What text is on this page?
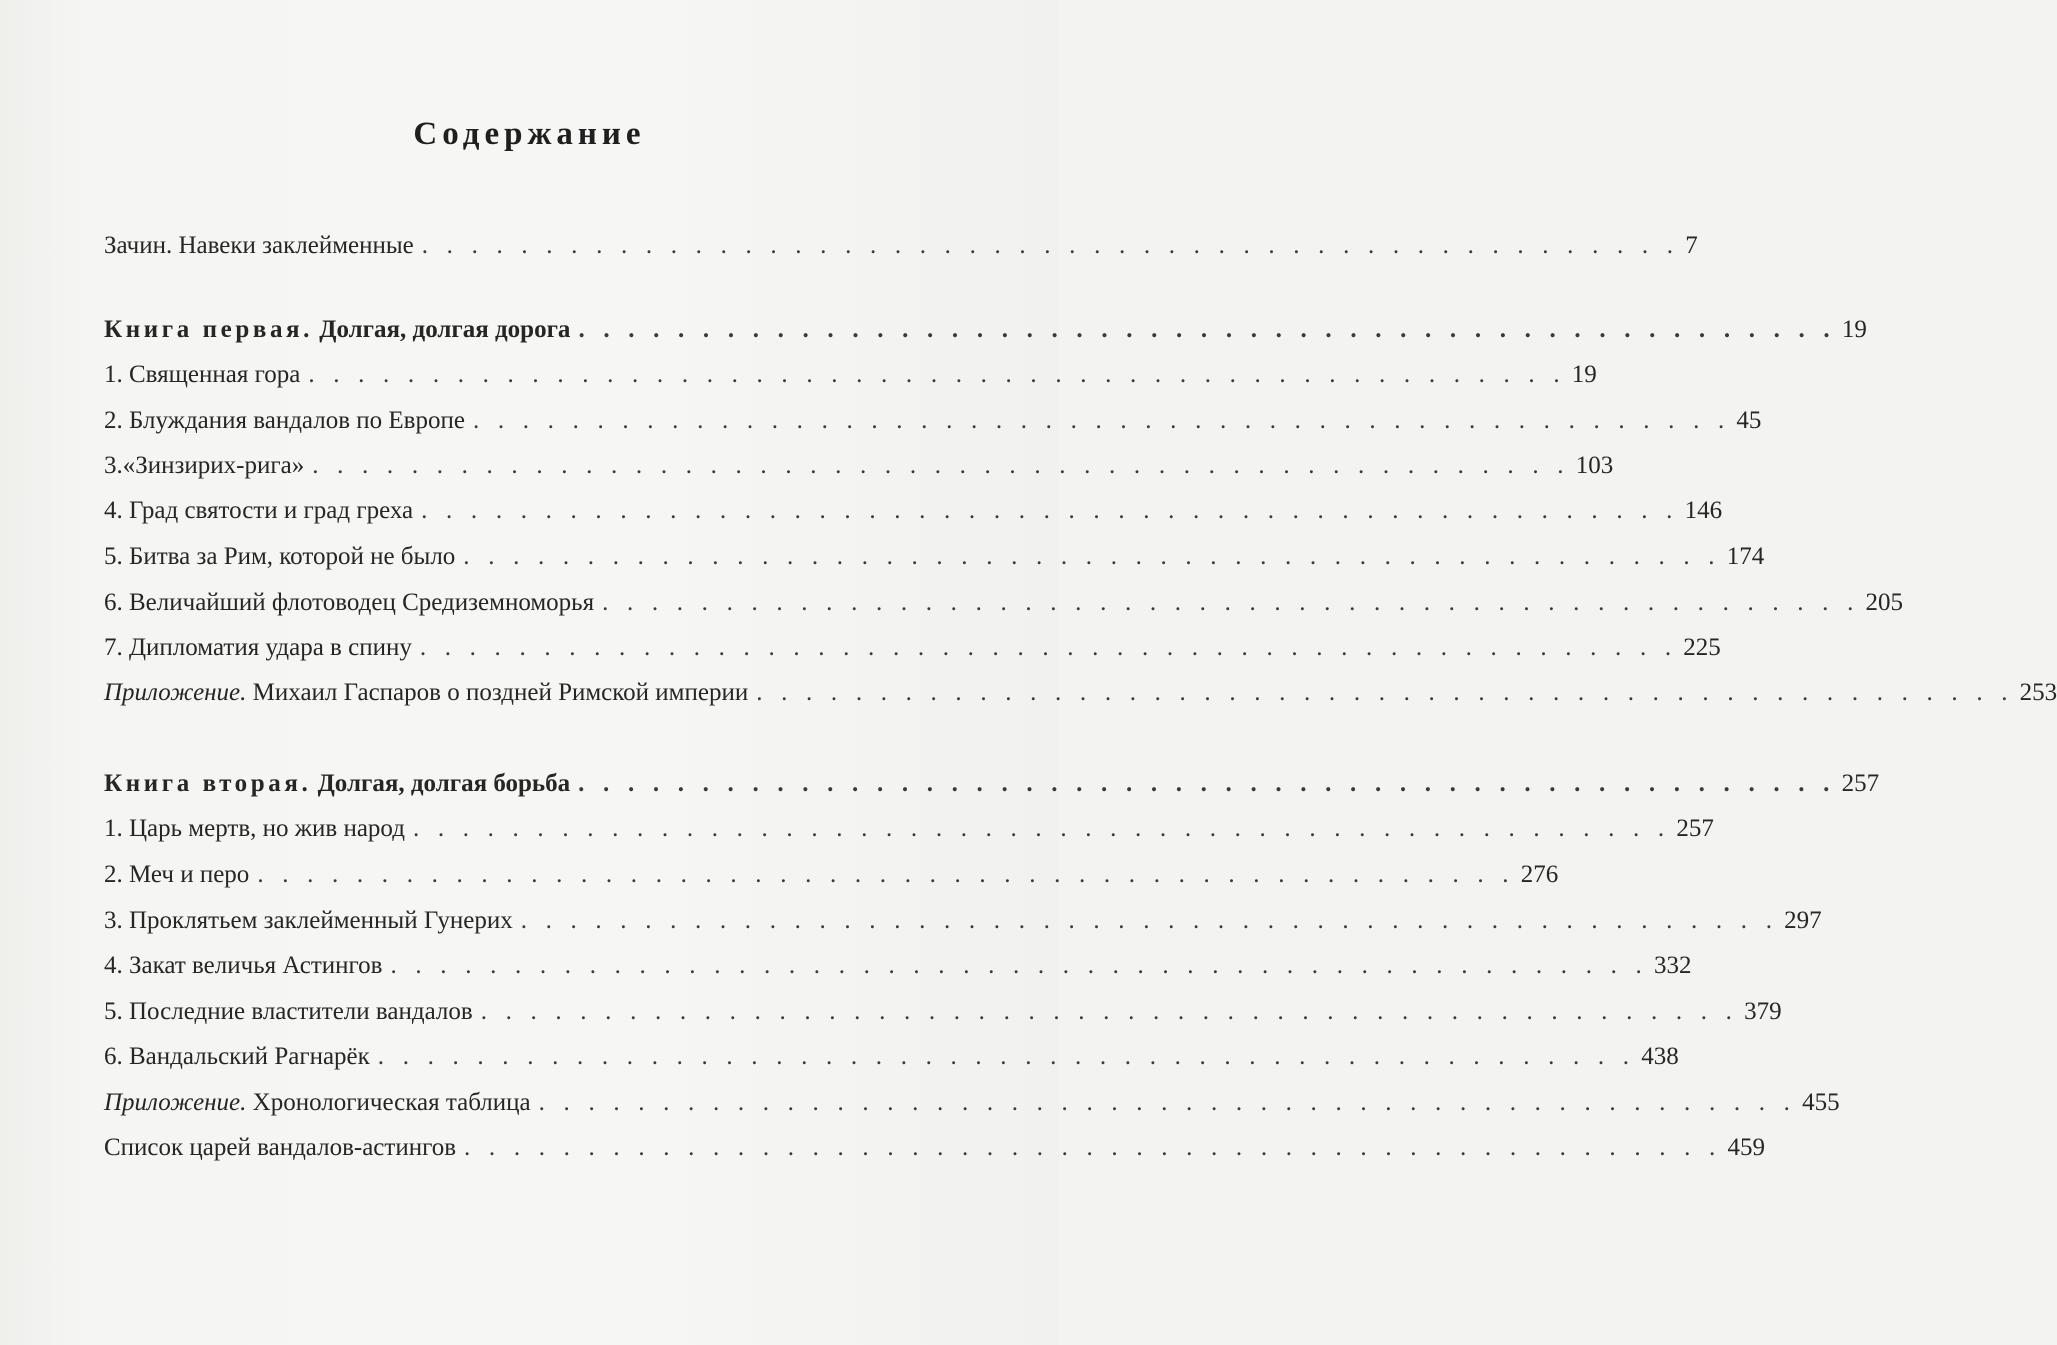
Содержание
Зачин. Навеки заклейменные . . . . . . . . . . . . . . . . . . . . . . . . . . . . . . . . . . . . . . . . . . . . . . . . . . . 7
Книга первая. Долгая, долгая дорога . . . . . . . . . . . . . . . . . . . . . . . . . . . . . . . . . . . . . . . . . . . . . . . . . . . 19
1. Священная гора . . . . . . . . . . . . . . . . . . . . . . . . . . . . . . . . . . . . . . . . . . . . . . . . . . . 19
2. Блуждания вандалов по Европе . . . . . . . . . . . . . . . . . . . . . . . . . . . . . . . . . . . . . . . . . . . . . . . . . . . 45
3.«Зинзирих-рига» . . . . . . . . . . . . . . . . . . . . . . . . . . . . . . . . . . . . . . . . . . . . . . . . . . . 103
4. Град святости и град греха . . . . . . . . . . . . . . . . . . . . . . . . . . . . . . . . . . . . . . . . . . . . . . . . . . . 146
5. Битва за Рим, которой не было . . . . . . . . . . . . . . . . . . . . . . . . . . . . . . . . . . . . . . . . . . . . . . . . . . . 174
6. Величайший флотоводец Средиземноморья . . . . . . . . . . . . . . . . . . . . . . . . . . . . . . . . . . . . . . . . . . . . . . . . . . . 205
7. Дипломатия удара в спину . . . . . . . . . . . . . . . . . . . . . . . . . . . . . . . . . . . . . . . . . . . . . . . . . . . 225
Приложение. Михаил Гаспаров о поздней Римской империи . . . . . . . . . . . . . . . . . . . . . . . . . . . . . . . . . . . . . . . . . . . . . . . . . . . 253
Книга вторая. Долгая, долгая борьба . . . . . . . . . . . . . . . . . . . . . . . . . . . . . . . . . . . . . . . . . . . . . . . . . . . 257
1. Царь мертв, но жив народ . . . . . . . . . . . . . . . . . . . . . . . . . . . . . . . . . . . . . . . . . . . . . . . . . . . 257
2. Меч и перо . . . . . . . . . . . . . . . . . . . . . . . . . . . . . . . . . . . . . . . . . . . . . . . . . . . 276
3. Проклятьем заклейменный Гунерих . . . . . . . . . . . . . . . . . . . . . . . . . . . . . . . . . . . . . . . . . . . . . . . . . . . 297
4. Закат величья Астингов . . . . . . . . . . . . . . . . . . . . . . . . . . . . . . . . . . . . . . . . . . . . . . . . . . . 332
5. Последние властители вандалов . . . . . . . . . . . . . . . . . . . . . . . . . . . . . . . . . . . . . . . . . . . . . . . . . . . 379
6. Вандальский Рагнарёк . . . . . . . . . . . . . . . . . . . . . . . . . . . . . . . . . . . . . . . . . . . . . . . . . . . 438
Приложение. Хронологическая таблица . . . . . . . . . . . . . . . . . . . . . . . . . . . . . . . . . . . . . . . . . . . . . . . . . . . 455
Список царей вандалов-астингов . . . . . . . . . . . . . . . . . . . . . . . . . . . . . . . . . . . . . . . . . . . . . . . . . . . 459
